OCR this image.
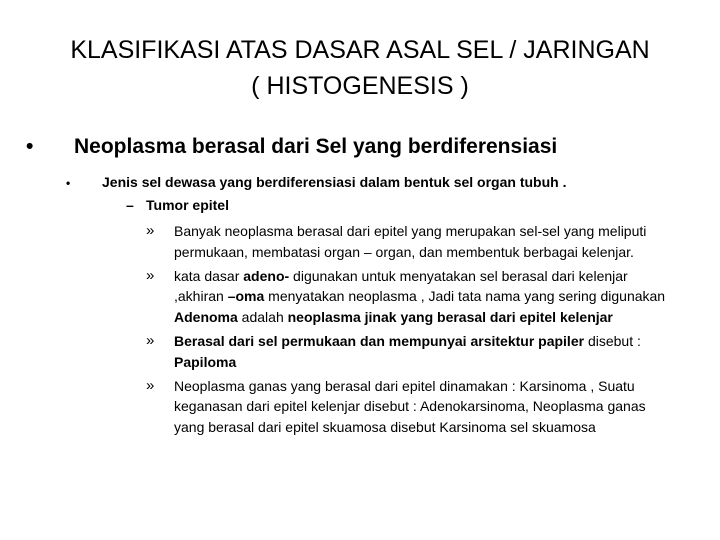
KLASIFIKASI ATAS DASAR ASAL SEL / JARINGAN
( HISTOGENESIS )
• Neoplasma berasal dari Sel yang berdiferensiasi
• Jenis sel dewasa yang berdiferensiasi dalam bentuk sel organ tubuh .
– Tumor epitel
» Banyak neoplasma berasal dari epitel yang merupakan sel-sel yang meliputi permukaan, membatasi organ – organ, dan membentuk berbagai kelenjar.
» kata dasar adeno- digunakan untuk menyatakan sel berasal dari kelenjar ,akhiran –oma menyatakan neoplasma , Jadi tata nama yang sering digunakan Adenoma adalah neoplasma jinak yang berasal dari epitel kelenjar
» Berasal dari sel permukaan dan mempunyai arsitektur papiler disebut : Papiloma
» Neoplasma ganas yang berasal dari epitel dinamakan : Karsinoma , Suatu keganasan dari epitel kelenjar disebut : Adenokarsinoma, Neoplasma ganas yang berasal dari epitel skuamosa disebut Karsinoma sel skuamosa
